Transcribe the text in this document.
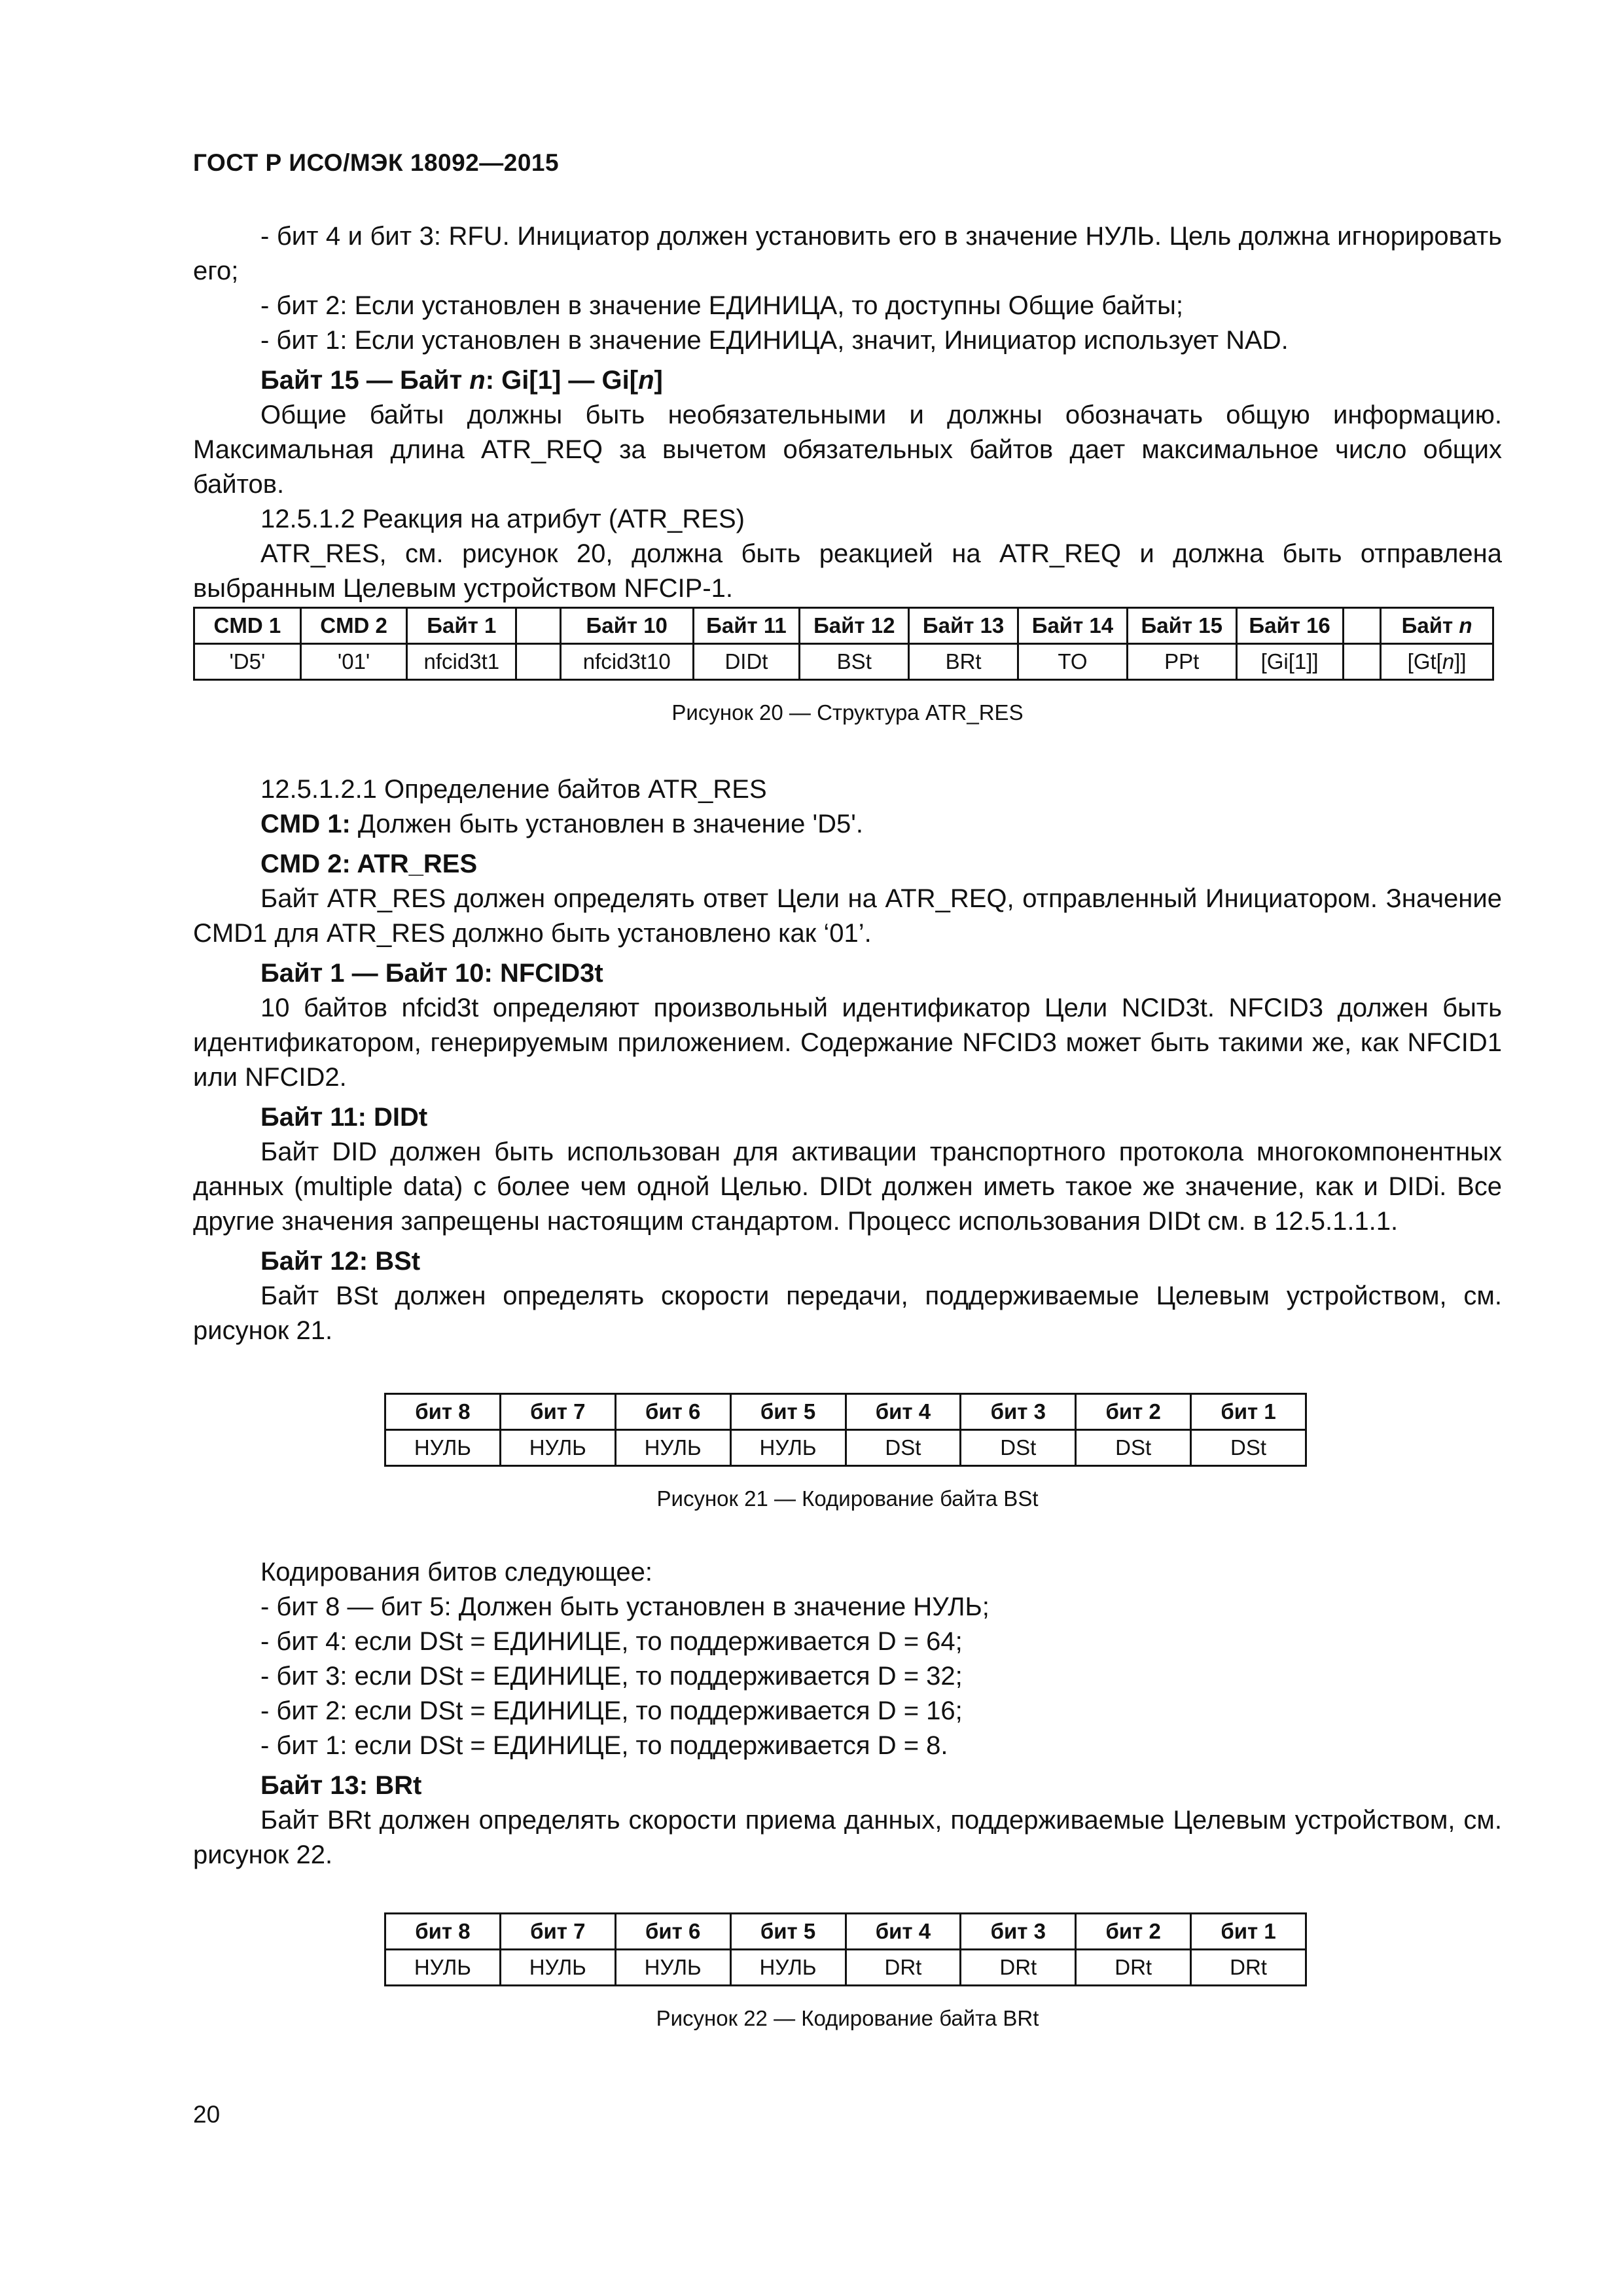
ГОСТ Р ИСО/МЭК 18092—2015

- бит 4 и бит 3: RFU. Инициатор должен установить его в значение НУЛЬ. Цель должна игнорировать его;

- бит 2: Если установлен в значение ЕДИНИЦА, то доступны Общие байты;

- бит 1: Если установлен в значение ЕДИНИЦА, значит, Инициатор использует NAD.

Байт 15 — Байт n: Gi[1] — Gi[n]

Общие байты должны быть необязательными и должны обозначать общую информацию. Максимальная длина ATR_REQ за вычетом обязательных байтов дает максимальное число общих байтов.

12.5.1.2 Реакция на атрибут (ATR_RES)

ATR_RES, см. рисунок 20, должна быть реакцией на ATR_REQ и должна быть отправлена выбранным Целевым устройством NFCIP-1.

CMD 1	CMD 2	Байт 1		Байт 10	Байт 11	Байт 12	Байт 13	Байт 14	Байт 15	Байт 16		Байт n
'D5'	'01'	nfcid3t1		nfcid3t10	DIDt	BSt	BRt	TO	PPt	[Gi[1]]		[Gt[n]]
Рисунок 20 — Структура ATR_RES

12.5.1.2.1 Определение байтов ATR_RES

CMD 1: Должен быть установлен в значение 'D5'.

CMD 2: ATR_RES

Байт ATR_RES должен определять ответ Цели на ATR_REQ, отправленный Инициатором. Значение CMD1 для ATR_RES должно быть установлено как ‘01’.

Байт 1 — Байт 10: NFCID3t

10 байтов nfcid3t определяют произвольный идентификатор Цели NCID3t. NFCID3 должен быть идентификатором, генерируемым приложением. Содержание NFCID3 может быть такими же, как NFCID1 или NFCID2.

Байт 11: DIDt

Байт DID должен быть использован для активации транспортного протокола многокомпонентных данных (multiple data) с более чем одной Целью. DIDt должен иметь такое же значение, как и DIDi. Все другие значения запрещены настоящим стандартом. Процесс использования DIDt см. в 12.5.1.1.1.

Байт 12: BSt

Байт BSt должен определять скорости передачи, поддерживаемые Целевым устройством, см. рисунок 21.

бит 8	бит 7	бит 6	бит 5	бит 4	бит 3	бит 2	бит 1
НУЛЬ	НУЛЬ	НУЛЬ	НУЛЬ	DSt	DSt	DSt	DSt
Рисунок 21 — Кодирование байта BSt

Кодирования битов следующее:

- бит 8 — бит 5: Должен быть установлен в значение НУЛЬ;

- бит 4: если DSt = ЕДИНИЦЕ, то поддерживается D = 64;

- бит 3: если DSt = ЕДИНИЦЕ, то поддерживается D = 32;

- бит 2: если DSt = ЕДИНИЦЕ, то поддерживается D = 16;

- бит 1: если DSt = ЕДИНИЦЕ, то поддерживается D = 8.

Байт 13: BRt

Байт BRt должен определять скорости приема данных, поддерживаемые Целевым устройством, см. рисунок 22.

бит 8	бит 7	бит 6	бит 5	бит 4	бит 3	бит 2	бит 1
НУЛЬ	НУЛЬ	НУЛЬ	НУЛЬ	DRt	DRt	DRt	DRt
Рисунок 22 — Кодирование байта BRt
20
